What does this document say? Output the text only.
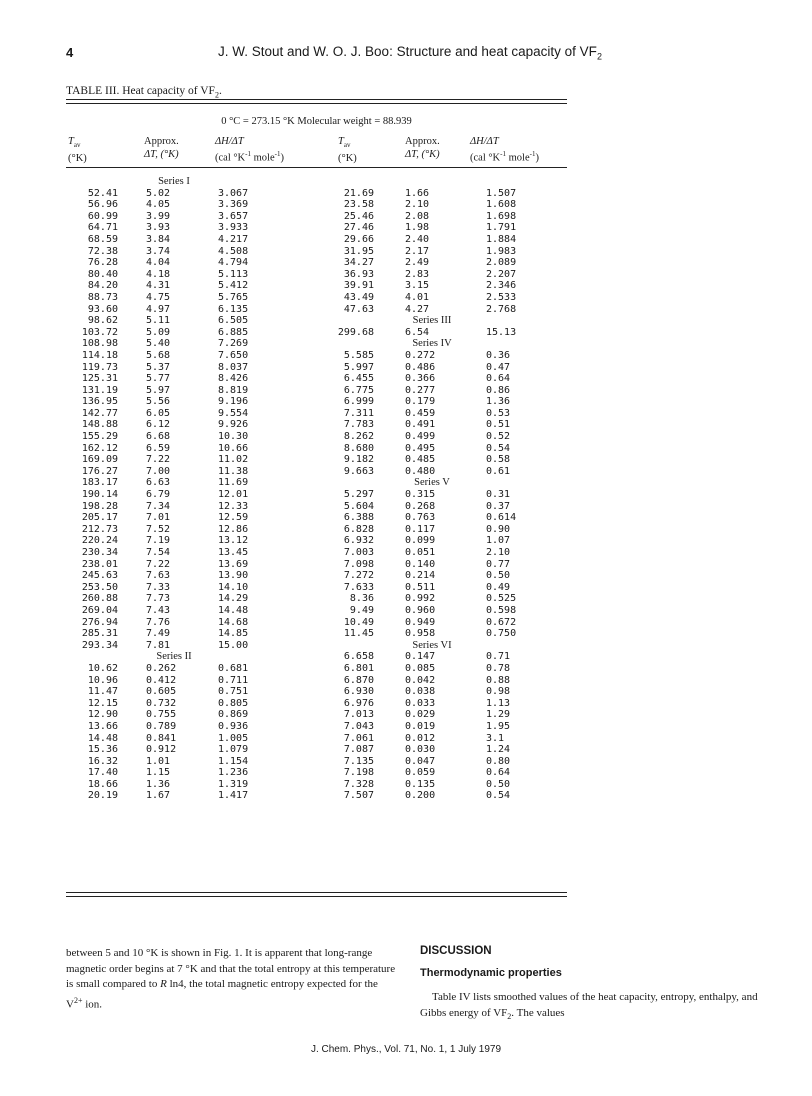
4	J. W. Stout and W. O. J. Boo: Structure and heat capacity of $VF_2$
TABLE III. Heat capacity of $VF_2$.
0 °C = 273.15 °K Molecular weight = 88.939
$T_{av}$
(°K)
Approx.
ΔT, (°K)
ΔH/ΔT
(cal $^\circ K^{-1}$ mole$^{-1}$)
$T_{av}$
(°K)
Approx.
ΔT, (°K)
ΔH/ΔT
(cal $^\circ K^{-1}$ mole$^{-1}$)
52.41
56.96
60.99
64.71
68.59
72.38
76.28
80.40
84.20
88.73
93.60
98.62
103.72
108.98
114.18
119.73
125.31
131.19
136.95
142.77
148.88
155.29
162.12
169.09
176.27
183.17
190.14
198.28
205.17
212.73
220.24
230.34
238.01
245.63
253.50
260.88
269.04
276.94
285.31
293.34
10.62
10.96
11.47
12.15
12.90
13.66
14.48
15.36
16.32
17.40
18.66
20.19
5.02
4.05
3.99
3.93
3.84
3.74
4.04
4.18
4.31
4.75
4.97
5.11
5.09
5.40
5.68
5.37
5.77
5.97
5.56
6.05
6.12
6.68
6.59
7.22
7.00
6.63
6.79
7.34
7.01
7.52
7.19
7.54
7.22
7.63
7.33
7.73
7.43
7.76
7.49
7.81
0.262
0.412
0.605
0.732
0.755
0.789
0.841
0.912
1.01
1.15
1.36
1.67
3.067
3.369
3.657
3.933
4.217
4.508
4.794
5.113
5.412
5.765
6.135
6.505
6.885
7.269
7.650
8.037
8.426
8.819
9.196
9.554
9.926
10.30
10.66
11.02
11.38
11.69
12.01
12.33
12.59
12.86
13.12
13.45
13.69
13.90
14.10
14.29
14.48
14.68
14.85
15.00
0.681
0.711
0.751
0.805
0.869
0.936
1.005
1.079
1.154
1.236
1.319
1.417
Series I
Series II
21.69
23.58
25.46
27.46
29.66
31.95
34.27
36.93
39.91
43.49
47.63
299.68
5.585
5.997
6.455
6.775
6.999
7.311
7.783
8.262
8.680
9.182
9.663
5.297
5.604
6.388
6.828
6.932
7.003
7.098
7.272
7.633
8.36
9.49
10.49
11.45
6.658
6.801
6.870
6.930
6.976
7.013
7.043
7.061
7.087
7.135
7.198
7.328
7.507
1.66
2.10
2.08
1.98
2.40
2.17
2.49
2.83
3.15
4.01
4.27
6.54
0.272
0.486
0.366
0.277
0.179
0.459
0.491
0.499
0.495
0.485
0.480
0.315
0.268
0.763
0.117
0.099
0.051
0.140
0.214
0.511
0.992
0.960
0.949
0.958
0.147
0.085
0.042
0.038
0.033
0.029
0.019
0.012
0.030
0.047
0.059
0.135
0.200
1.507
1.608
1.698
1.791
1.884
1.983
2.089
2.207
2.346
2.533
2.768
15.13
0.36
0.47
0.64
0.86
1.36
0.53
0.51
0.52
0.54
0.58
0.61
0.31
0.37
0.614
0.90
1.07
2.10
0.77
0.50
0.49
0.525
0.598
0.672
0.750
0.71
0.78
0.88
0.98
1.13
1.29
1.95
3.1
1.24
0.80
0.64
0.50
0.54
Series III
Series IV
Series V
Series VI
between 5 and 10 °K is shown in Fig. 1. It is apparent that long-range magnetic order begins at 7 °K and that the total entropy at this temperature is small compared to R ln4, the total magnetic entropy expected for the $V^{2+}$ ion.
DISCUSSION
Thermodynamic properties
Table IV lists smoothed values of the heat capacity, entropy, enthalpy, and Gibbs energy of $VF_2$. The values
J. Chem. Phys., Vol. 71, No. 1, 1 July 1979
